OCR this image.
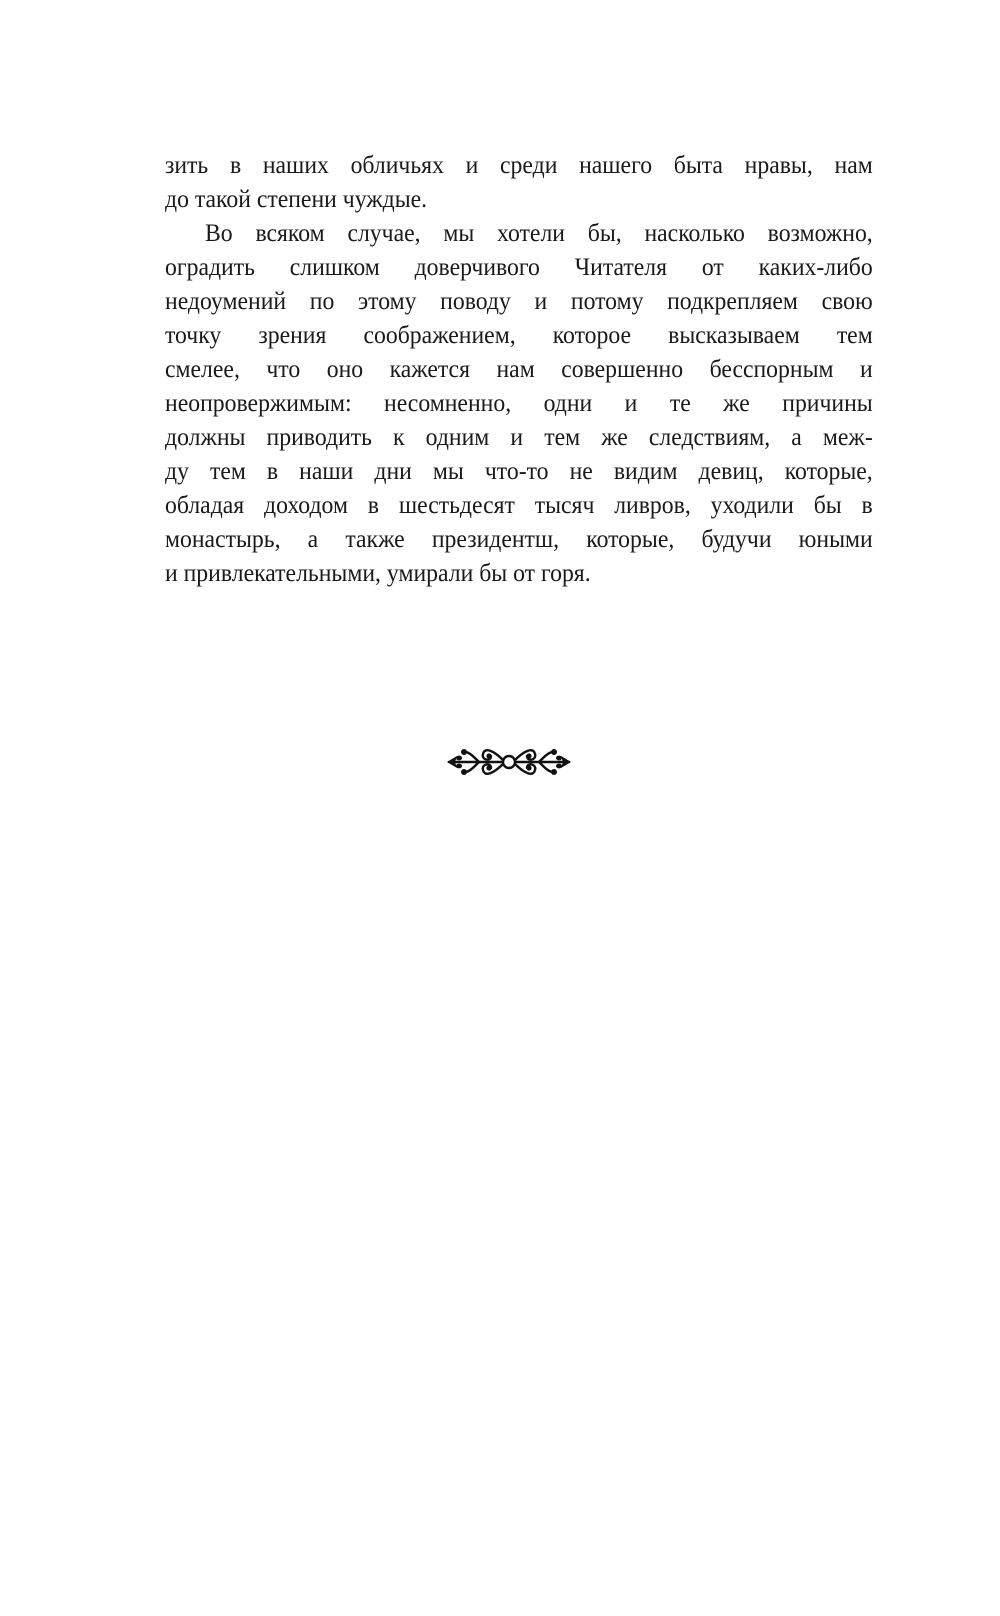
зить в наших обличьях и среди нашего быта нравы, нам
до такой степени чуждые.
Во всяком случае, мы хотели бы, насколько возможно,
оградить слишком доверчивого Читателя от каких-либо
недоумений по этому поводу и потому подкрепляем свою
точку зрения соображением, которое высказываем тем
смелее, что оно кажется нам совершенно бесспорным и
неопровержимым: несомненно, одни и те же причины
должны приводить к одним и тем же следствиям, а меж-
ду тем в наши дни мы что-то не видим девиц, которые,
обладая доходом в шестьдесят тысяч ливров, уходили бы в
монастырь, а также президентш, которые, будучи юными
и привлекательными, умирали бы от горя.
